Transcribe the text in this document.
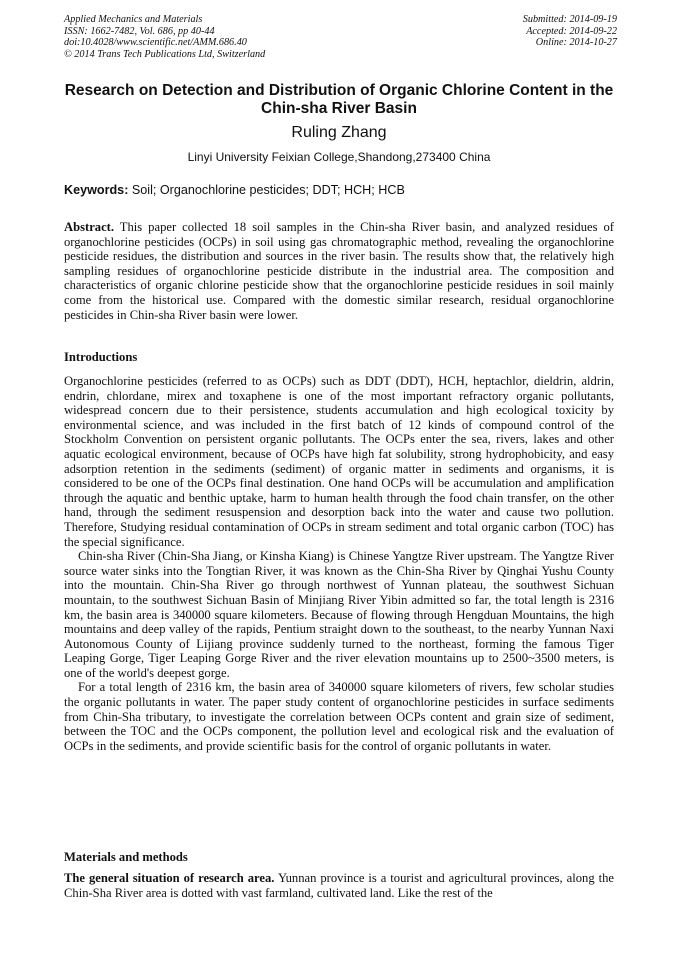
Applied Mechanics and Materials
ISSN: 1662-7482, Vol. 686, pp 40-44
doi:10.4028/www.scientific.net/AMM.686.40
© 2014 Trans Tech Publications Ltd, Switzerland
Submitted: 2014-09-19
Accepted: 2014-09-22
Online: 2014-10-27
Research on Detection and Distribution of Organic Chlorine Content in the Chin-sha River Basin
Ruling Zhang
Linyi University Feixian College,Shandong,273400 China
Keywords: Soil; Organochlorine pesticides; DDT; HCH; HCB
Abstract. This paper collected 18 soil samples in the Chin-sha River basin, and analyzed residues of organochlorine pesticides (OCPs) in soil using gas chromatographic method, revealing the organochlorine pesticide residues, the distribution and sources in the river basin. The results show that, the relatively high sampling residues of organochlorine pesticide distribute in the industrial area. The composition and characteristics of organic chlorine pesticide show that the organochlorine pesticide residues in soil mainly come from the historical use. Compared with the domestic similar research, residual organochlorine pesticides in Chin-sha River basin were lower.
Introductions

Organochlorine pesticides (referred to as OCPs) such as DDT (DDT), HCH, heptachlor, dieldrin, aldrin, endrin, chlordane, mirex and toxaphene is one of the most important refractory organic pollutants, widespread concern due to their persistence, students accumulation and high ecological toxicity by environmental science, and was included in the first batch of 12 kinds of compound control of the Stockholm Convention on persistent organic pollutants. The OCPs enter the sea, rivers, lakes and other aquatic ecological environment, because of OCPs have high fat solubility, strong hydrophobicity, and easy adsorption retention in the sediments (sediment) of organic matter in sediments and organisms, it is considered to be one of the OCPs final destination. One hand OCPs will be accumulation and amplification through the aquatic and benthic uptake, harm to human health through the food chain transfer, on the other hand, through the sediment resuspension and desorption back into the water and cause two pollution. Therefore, Studying residual contamination of OCPs in stream sediment and total organic carbon (TOC) has the special significance.

Chin-sha River (Chin-Sha Jiang, or Kinsha Kiang) is Chinese Yangtze River upstream. The Yangtze River source water sinks into the Tongtian River, it was known as the Chin-Sha River by Qinghai Yushu County into the mountain. Chin-Sha River go through northwest of Yunnan plateau, the southwest Sichuan mountain, to the southwest Sichuan Basin of Minjiang River Yibin admitted so far, the total length is 2316 km, the basin area is 340000 square kilometers. Because of flowing through Hengduan Mountains, the high mountains and deep valley of the rapids, Pentium straight down to the southeast, to the nearby Yunnan Naxi Autonomous County of Lijiang province suddenly turned to the northeast, forming the famous Tiger Leaping Gorge, Tiger Leaping Gorge River and the river elevation mountains up to 2500~3500 meters, is one of the world's deepest gorge.

For a total length of 2316 km, the basin area of 340000 square kilometers of rivers, few scholar studies the organic pollutants in water. The paper study content of organochlorine pesticides in surface sediments from Chin-Sha tributary, to investigate the correlation between OCPs content and grain size of sediment, between the TOC and the OCPs component, the pollution level and ecological risk and the evaluation of OCPs in the sediments, and provide scientific basis for the control of organic pollutants in water.

Materials and methods
The general situation of research area. Yunnan province is a tourist and agricultural provinces, along the Chin-Sha River area is dotted with vast farmland, cultivated land. Like the rest of the
